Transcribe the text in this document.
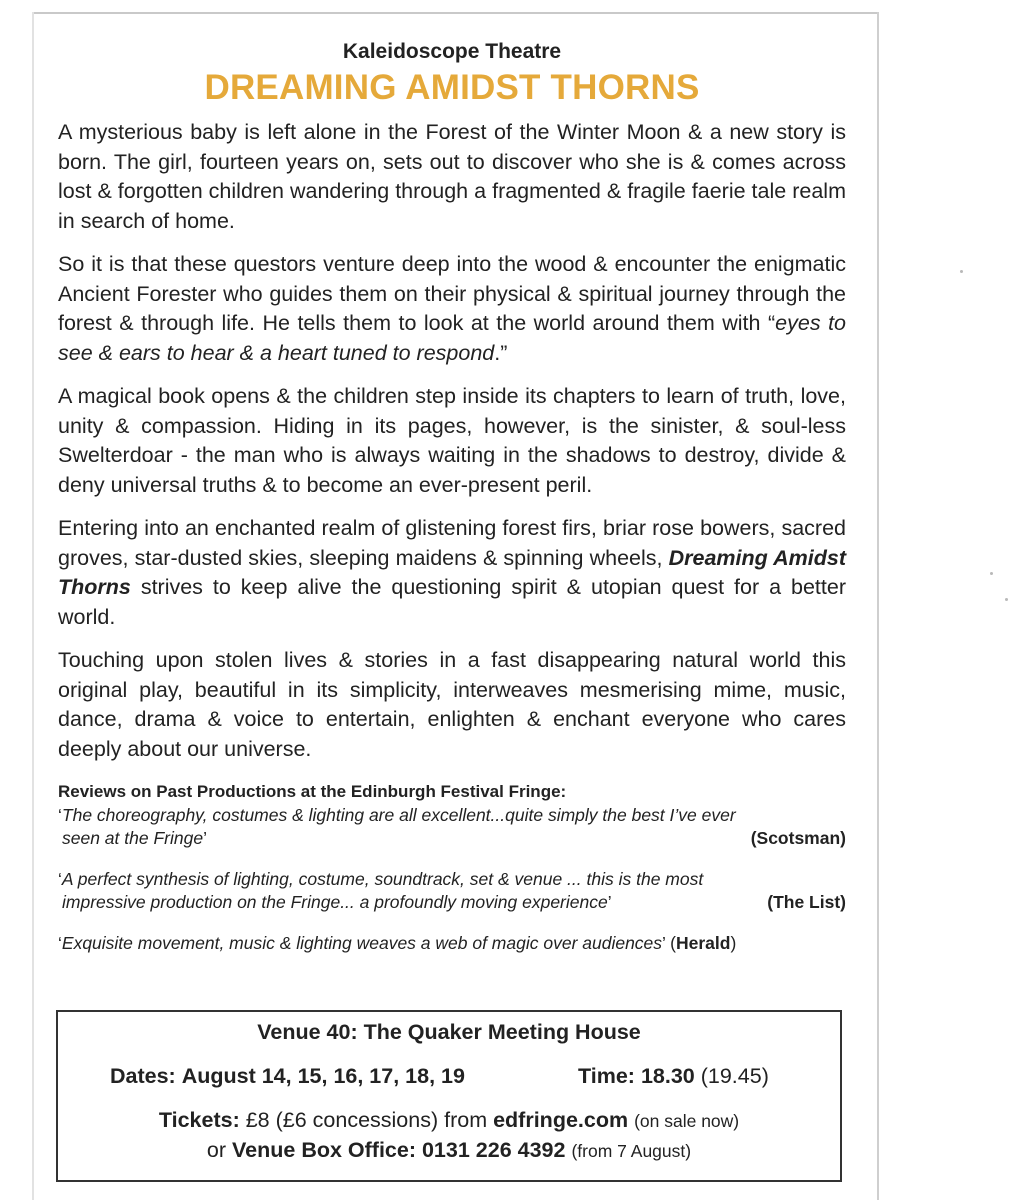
Kaleidoscope Theatre
DREAMING AMIDST THORNS

A mysterious baby is left alone in the Forest of the Winter Moon & a new story is born. The girl, fourteen years on, sets out to discover who she is & comes across lost & forgotten children wandering through a fragmented & fragile faerie tale realm in search of home.

So it is that these questors venture deep into the wood & encounter the enigmatic Ancient Forester who guides them on their physical & spiritual journey through the forest & through life. He tells them to look at the world around them with “eyes to see & ears to hear & a heart tuned to respond.”

A magical book opens & the children step inside its chapters to learn of truth, love, unity & compassion. Hiding in its pages, however, is the sinister, & soul-less Swelterdoar - the man who is always waiting in the shadows to destroy, divide & deny universal truths & to become an ever-present peril.

Entering into an enchanted realm of glistening forest firs, briar rose bowers, sacred groves, star-dusted skies, sleeping maidens & spinning wheels, Dreaming Amidst Thorns strives to keep alive the questioning spirit & utopian quest for a better world.

Touching upon stolen lives & stories in a fast disappearing natural world this original play, beautiful in its simplicity, interweaves mesmerising mime, music, dance, drama & voice to entertain, enlighten & enchant everyone who cares deeply about our universe.

Reviews on Past Productions at the Edinburgh Festival Fringe:
‘The choreography, costumes & lighting are all excellent...quite simply the best I’ve ever
seen at the Fringe’	(Scotsman)
‘A perfect synthesis of lighting, costume, soundtrack, set & venue ... this is the most
impressive production on the Fringe... a profoundly moving experience’	(The List)
‘Exquisite movement, music & lighting weaves a web of magic over audiences’ (Herald)
Venue 40: The Quaker Meeting House
Dates: August 14, 15, 16, 17, 18, 19	Time: 18.30 (19.45)
Tickets: £8 (£6 concessions) from edfringe.com (on sale now)
or Venue Box Office: 0131 226 4392 (from 7 August)
